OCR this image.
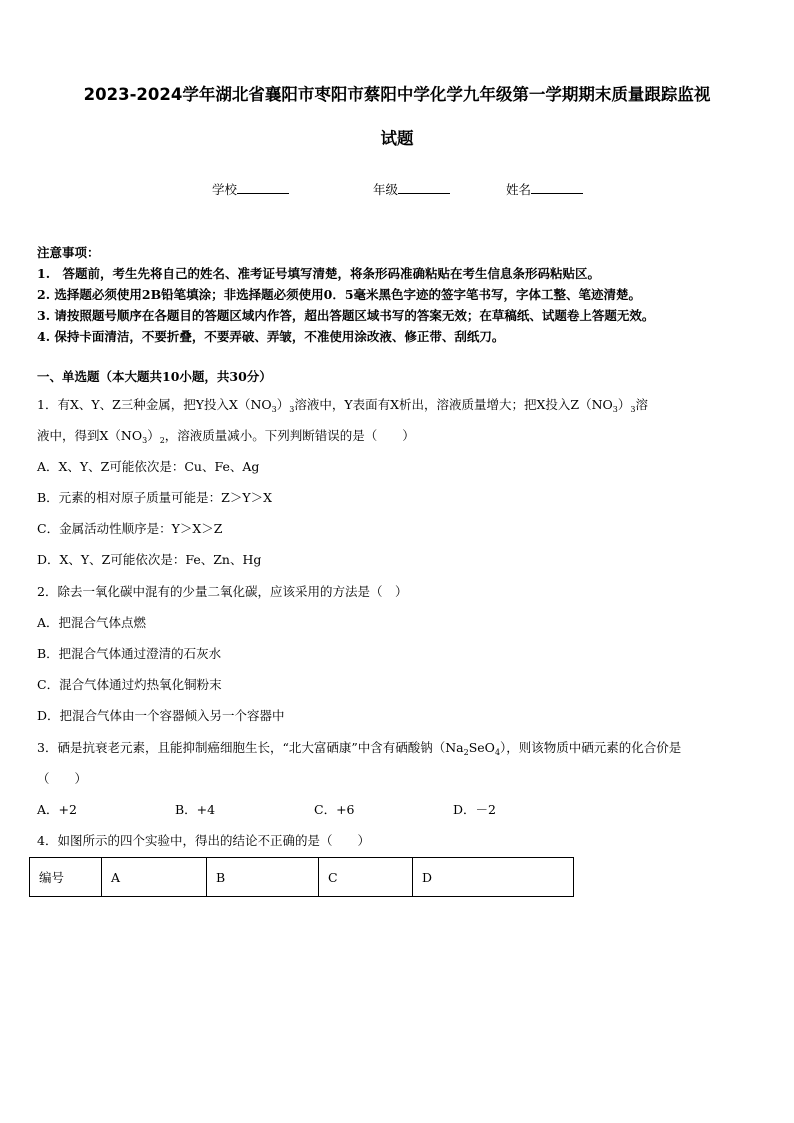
2023-2024学年湖北省襄阳市枣阳市蔡阳中学化学九年级第一学期期末质量跟踪监视
试题
学校	年级	姓名
注意事项：
1.　答题前，考生先将自己的姓名、准考证号填写清楚，将条形码准确粘贴在考生信息条形码粘贴区。
2. 选择题必须使用2B铅笔填涂；非选择题必须使用0．5毫米黑色字迹的签字笔书写，字体工整、笔迹清楚。
3. 请按照题号顺序在各题目的答题区域内作答，超出答题区域书写的答案无效；在草稿纸、试题卷上答题无效。
4. 保持卡面清洁，不要折叠，不要弄破、弄皱，不准使用涂改液、修正带、刮纸刀。
一、单选题（本大题共10小题，共30分）
1．有X、Y、Z三种金属，把Y投入$X(NO_3)_3$溶液中，Y表面有X析出，溶液质量增大；把X投入$Z(NO_3)_3$溶
液中，得到$X(NO_3)_2$，溶液质量减小。下列判断错误的是（　　）
A．X、Y、Z可能依次是：Cu、Fe、Ag
B．元素的相对原子质量可能是：Z＞Y＞X
C．金属活动性顺序是：Y＞X＞Z
D．X、Y、Z可能依次是：Fe、Zn、Hg
2．除去一氧化碳中混有的少量二氧化碳，应该采用的方法是（　）
A．把混合气体点燃
B．把混合气体通过澄清的石灰水
C．混合气体通过灼热氧化铜粉末
D．把混合气体由一个容器倾入另一个容器中
3．硒是抗衰老元素，且能抑制癌细胞生长，“北大富硒康”中含有硒酸钠$(Na_2SeO_4)$，则该物质中硒元素的化合价是
（　　）
A．+2	B．+4	C．+6	D．－2
4．如图所示的四个实验中，得出的结论不正确的是（　　）
编号	A	B	C	D
